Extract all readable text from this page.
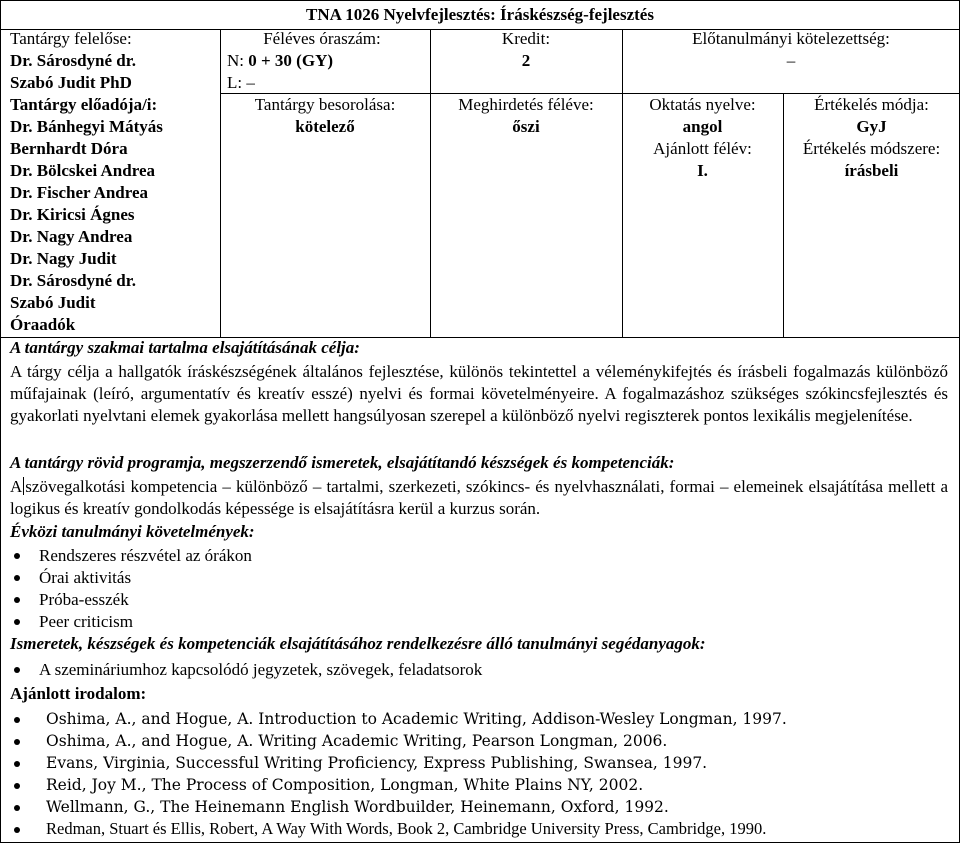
TNA 1026 Nyelvfejlesztés: Íráskészség-fejlesztés
Tantárgy felelőse:
Dr. Sárosdyné dr.
Szabó Judit PhD
Tantárgy előadója/i:
Dr. Bánhegyi Mátyás
Bernhardt Dóra
Dr. Bölcskei Andrea
Dr. Fischer Andrea
Dr. Kiricsi Ágnes
Dr. Nagy Andrea
Dr. Nagy Judit
Dr. Sárosdyné dr.
Szabó Judit
Óraadók
Féléves óraszám:
N: 0 + 30 (GY)
L: –
Kredit:
2
Előtanulmányi kötelezettség:
–
Tantárgy besorolása:
kötelező
Meghirdetés féléve:
őszi
Oktatás nyelve:
angol
Ajánlott félév:
I.
Értékelés módja:
GyJ
Értékelés módszere:
írásbeli
A tantárgy szakmai tartalma elsajátításának célja:
A tárgy célja a hallgatók íráskészségének általános fejlesztése, különös tekintettel a véleménykifejtés és írásbeli fogalmazás különböző műfajainak (leíró, argumentatív és kreatív esszé) nyelvi és formai követelményeire. A fogalmazáshoz szükséges szókincsfejlesztés és gyakorlati nyelvtani elemek gyakorlása mellett hangsúlyosan szerepel a különböző nyelvi regiszterek pontos lexikális megjelenítése.
A tantárgy rövid programja, megszerzendő ismeretek, elsajátítandó készségek és kompetenciák:
A szövegalkotási kompetencia – különböző – tartalmi, szerkezeti, szókincs- és nyelvhasználati, formai – elemeinek elsajátítása mellett a logikus és kreatív gondolkodás képessége is elsajátításra kerül a kurzus során.
Évközi tanulmányi követelmények:
Rendszeres részvétel az órákon
Órai aktivitás
Próba-esszék
Peer criticism
Ismeretek, készségek és kompetenciák elsajátításához rendelkezésre álló tanulmányi segédanyagok:
A szemináriumhoz kapcsolódó jegyzetek, szövegek, feladatsorok
Ajánlott irodalom:
Oshima, A., and Hogue, A. Introduction to Academic Writing, Addison-Wesley Longman, 1997.
Oshima, A., and Hogue, A. Writing Academic Writing, Pearson Longman, 2006.
Evans, Virginia, Successful Writing Proficiency, Express Publishing, Swansea, 1997.
Reid, Joy M., The Process of Composition, Longman, White Plains NY, 2002.
Wellmann, G., The Heinemann English Wordbuilder, Heinemann, Oxford, 1992.
Redman, Stuart és Ellis, Robert, A Way With Words, Book 2, Cambridge University Press, Cambridge, 1990.
